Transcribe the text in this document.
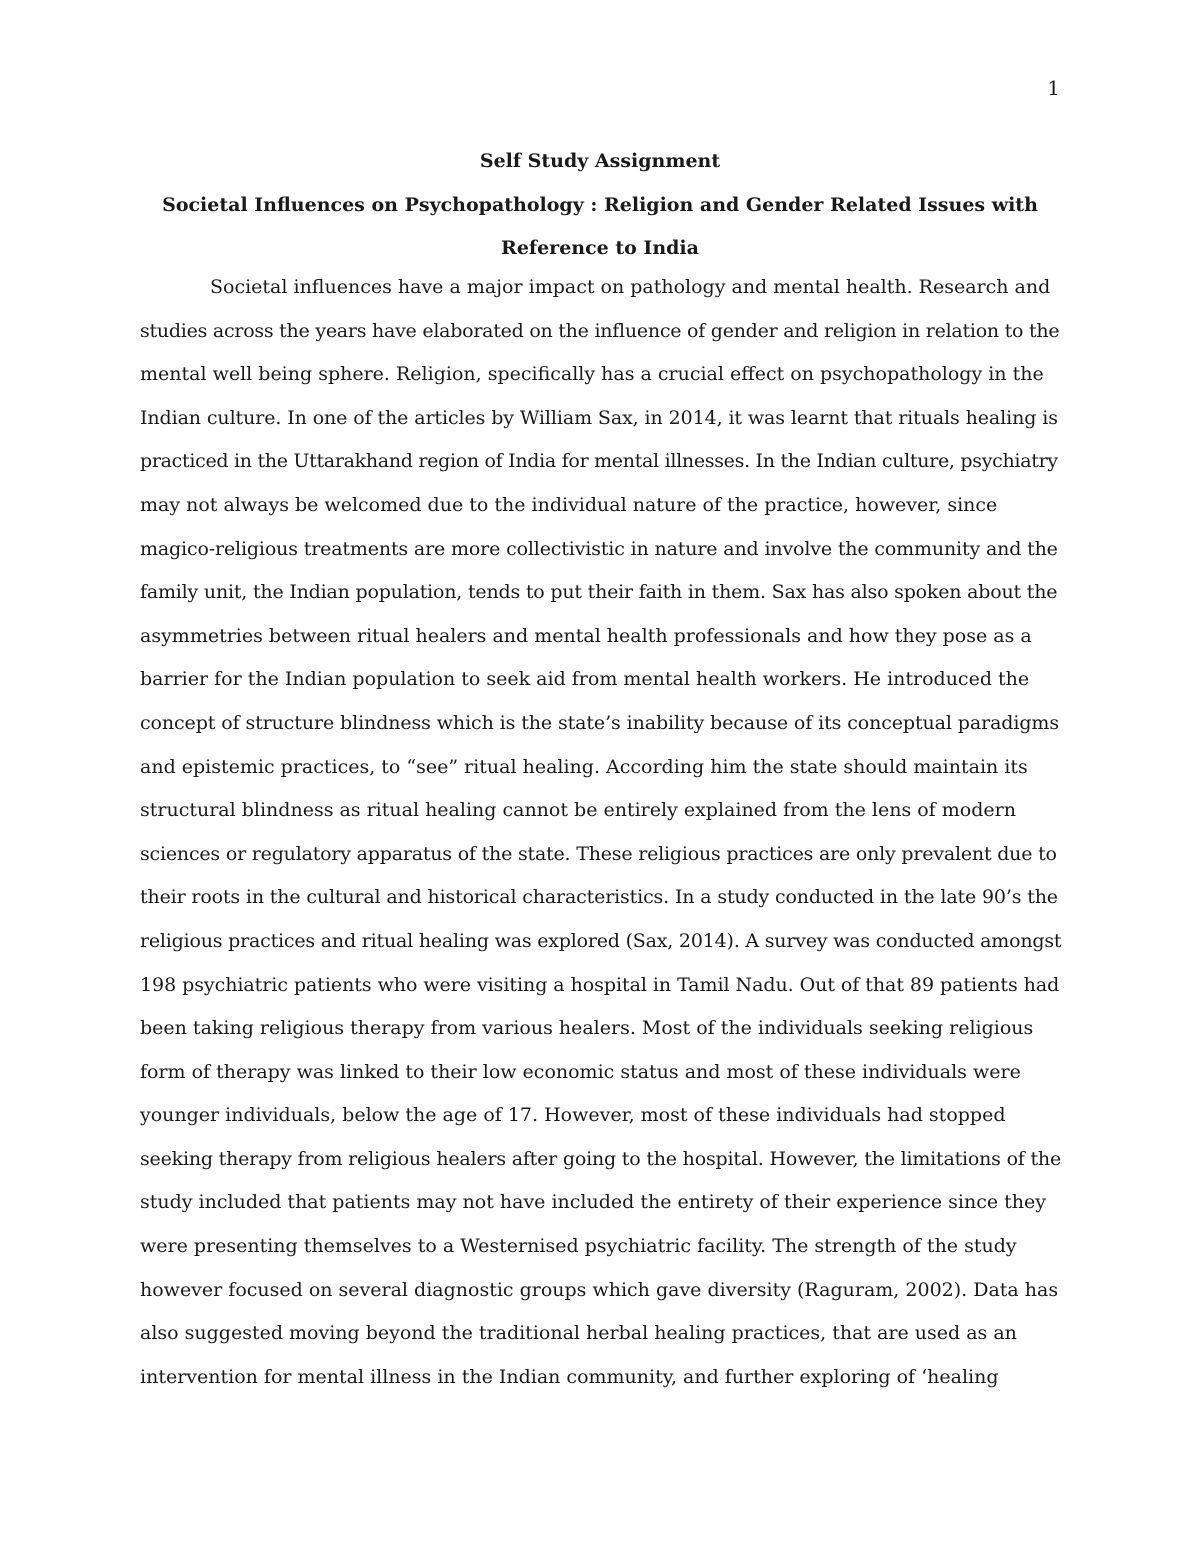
1
Self Study Assignment
Societal Influences on Psychopathology : Religion and Gender Related Issues with
Reference to India
Societal influences have a major impact on pathology and mental health. Research and
studies across the years have elaborated on the influence of gender and religion in relation to the
mental well being sphere. Religion, specifically has a crucial effect on psychopathology in the
Indian culture. In one of the articles by William Sax, in 2014, it was learnt that rituals healing is
practiced in the Uttarakhand region of India for mental illnesses. In the Indian culture, psychiatry
may not always be welcomed due to the individual nature of the practice, however, since
magico-religious treatments are more collectivistic in nature and involve the community and the
family unit, the Indian population, tends to put their faith in them. Sax has also spoken about the
asymmetries between ritual healers and mental health professionals and how they pose as a
barrier for the Indian population to seek aid from mental health workers. He introduced the
concept of structure blindness which is the state’s inability because of its conceptual paradigms
and epistemic practices, to “see” ritual healing. According him the state should maintain its
structural blindness as ritual healing cannot be entirely explained from the lens of modern
sciences or regulatory apparatus of the state. These religious practices are only prevalent due to
their roots in the cultural and historical characteristics. In a study conducted in the late 90’s the
religious practices and ritual healing was explored (Sax, 2014). A survey was conducted amongst
198 psychiatric patients who were visiting a hospital in Tamil Nadu. Out of that 89 patients had
been taking religious therapy from various healers. Most of the individuals seeking religious
form of therapy was linked to their low economic status and most of these individuals were
younger individuals, below the age of 17. However, most of these individuals had stopped
seeking therapy from religious healers after going to the hospital. However, the limitations of the
study included that patients may not have included the entirety of their experience since they
were presenting themselves to a Westernised psychiatric facility. The strength of the study
however focused on several diagnostic groups which gave diversity (Raguram, 2002). Data has
also suggested moving beyond the traditional herbal healing practices, that are used as an
intervention for mental illness in the Indian community, and further exploring of ‘healing
